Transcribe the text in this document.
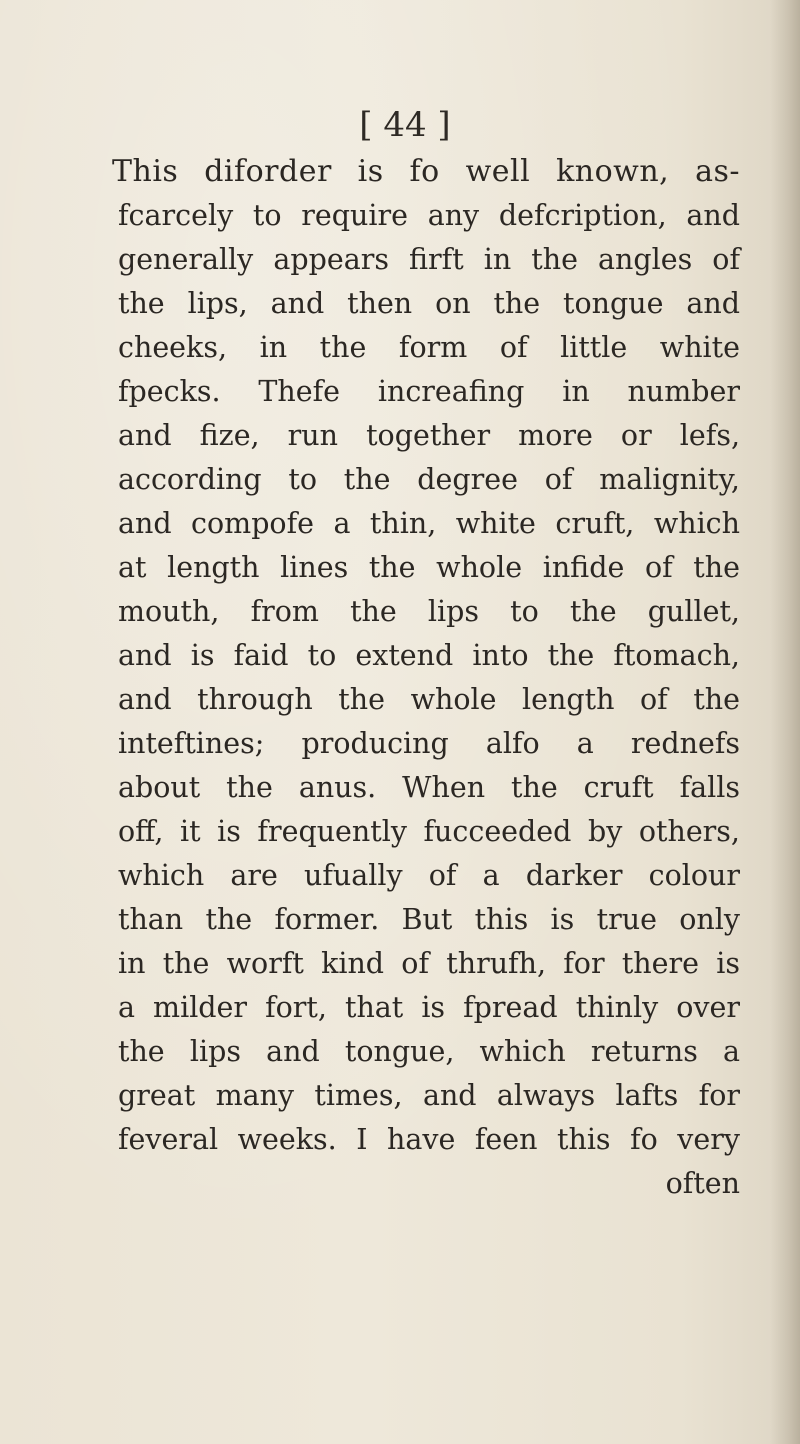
[ 44 ]
This diforder is fo well known, as-
fcarcely to require any defcription, and
generally appears firft in the angles of
the lips, and then on the tongue and
cheeks, in the form of little white
fpecks. Thefe increafing in number
and fize, run together more or lefs,
according to the degree of malignity,
and compofe a thin, white cruft, which
at length lines the whole infide of the
mouth, from the lips to the gullet,
and is faid to extend into the ftomach,
and through the whole length of the
inteftines; producing alfo a rednefs
about the anus. When the cruft falls
off, it is frequently fucceeded by others,
which are ufually of a darker colour
than the former. But this is true only
in the worft kind of thrufh, for there is
a milder fort, that is fpread thinly over
the lips and tongue, which returns a
great many times, and always lafts for
feveral weeks. I have feen this fo very
often
